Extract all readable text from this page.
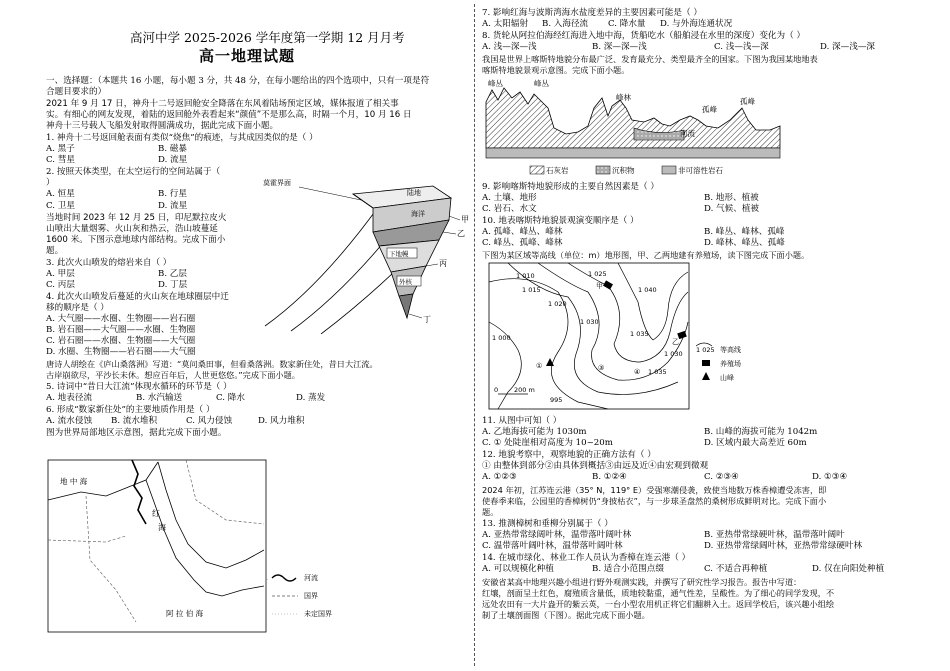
高河中学 2025-2026 学年度第一学期 12 月月考
高一地理试题
一、选择题：（本题共 16 小题，每小题 3 分，共 48 分，在每小题给出的四个选项中，只有一项是符
合题目要求的）
2021 年 9 月 17 日，神舟十二号返回舱安全降落在东风着陆场预定区域，媒体报道了相关事
实。有细心的网友发现，着陆的返回舱外表看起来“颜值”不是那么高，时隔一个月，10 月 16 日
神舟十三号载人飞船发射取得圆满成功，据此完成下面小题。
1. 神舟十二号返回舱表面有类似“烧焦”的痕迹，与其成因类似的是（ ）
A. 黑子	B. 磁暴
C. 彗星	D. 流星
2. 按照天体类型，在太空运行的空间站属于（
）
A. 恒星	B. 行星
C. 卫星	D. 流星
当地时间 2023 年 12 月 25 日，印尼默拉皮火
山喷出大量烟雾、火山灰和热云，浩山坡蔓延
1600 米。下图示意地球内部结构。完成下面小
题。
3. 此次火山喷发的熔岩来自（ ）
A. 甲层	B. 乙层
C. 丙层	D. 丁层
4. 此次火山喷发后蔓延的火山灰在地球圈层中迁
移的顺序是（ ）
A. 大气圈——水圈、生物圈——岩石圈
B. 岩石圈——大气圈——水圈、生物圈
C. 岩石圈——水圈、生物圈——大气圈
D. 水圈、生物圈——岩石圈——大气圈
唐诗人胡绘在《庐山桑落洲》写道：“莫问桑田事，但看桑落洲。数家新住处，昔日大江流。
古岸崩欲尽，平沙长未休。想应百年后，人世更悠悠。”完成下面小题。
5. 诗词中“昔日大江流”体现水循环的环节是（ ）
A. 地表径流	B. 水汽输送	C. 降水	D. 蒸发
6. 形成“数家新住处”的主要地质作用是（ ）
A. 流水侵蚀 B. 流水堆积	C. 风力侵蚀	D. 风力堆积
图为世界局部地区示意图，据此完成下面小题。
莫霍界面
陆地
海洋
甲
乙
下地幔
丙
外核
丁
地 中 海
红
海
阿 拉 伯 海
河流
国界
未定国界
7. 影响红海与波斯湾海水盐度差异的主要因素可能是（ ）
A. 太阳辐射 B. 入海径流 C. 降水量 D. 与外海连通状况
8. 货轮从阿拉伯海经红海进入地中海，货船吃水（船舶浸在水里的深度）变化为（ ）
A. 浅—深—浅	B. 深—深—浅	C. 浅—浅—深	D. 深—浅—深
我国是世界上喀斯特地貌分布最广泛、发育最充分、类型最齐全的国家。下图为我国某地地表
喀斯特地貌景观示意图。完成下面小题。
峰丛	峰丛
峰林
孤峰
孤峰
河流
石灰岩	沉积物	非可溶性岩石
9. 影响喀斯特地貌形成的主要自然因素是（ ）
A. 土壤、地形	B. 地形、植被
C. 岩石、水文	D. 气候、植被
10. 地表喀斯特地貌景观演变顺序是（ ）
A. 孤峰、峰丛、峰林	B. 峰丛、峰林、孤峰
C. 峰丛、孤峰、峰林	D. 峰林、峰丛、孤峰
下图为某区域等高线（单位：m）地形图，甲、乙两地建有养殖场，读下图完成下面小题。
1 010
1 015
1 020
1 025
1 030
1 040
1 035
1 000
1 030
1 035
995
甲
乙
①	③	④
0 200 m
1 025 等高线
养殖场
山峰
11. 从图中可知（ ）
A. 乙地海拔可能为 1030m	B. 山峰的海拔可能为 1042m
C. ① 处陡崖相对高度为 10~20m	D. 区域内最大高差近 60m
12. 地貌考察中，观察地貌的正确方法有（ ）
① 由整体到部分②由具体到概括③由远及近④由宏观到微观
A. ①②③	B. ①②④	C. ②③④	D. ①③④
2024 年初，江苏连云港（35° N，119° E）受强寒潮侵袭，致使当地数万株香樟遭受冻害，即
使春季来临，公园里的香樟树仍“身披枯衣”，与一步球圣盘然的桑树形成鲜明对比。完成下面小
题。
13. 推测樟树和垂柳分别属于（ ）
A. 亚热带常绿阔叶林，温带落叶阔叶林	B. 亚热带常绿硬叶林，温带落叶阔叶
C. 温带落叶阔叶林，温带落叶阔叶林	D. 亚热带常绿阔叶林，亚热带常绿硬叶林
14. 在城市绿化、林业工作人员认为香樟在连云港（ ）
A. 可以规模化种植	B. 适合小范围点缀	C. 不适合再种植	D. 仅在向阳处种植
安徽省某高中地理兴趣小组进行野外观测实践，并撰写了研究性学习报告。报告中写道：
红壤，剖面呈土红色，腐殖质含量低，质地较黏重，通气性差，呈酸性。为了细心的同学发现，不
远处农田有一大片盎开的紫云英，一台小型农用机正将它们翻耕入土。返回学校后，该兴趣小组绘
制了土壤剖面图（下图）。据此完成下面小题。
